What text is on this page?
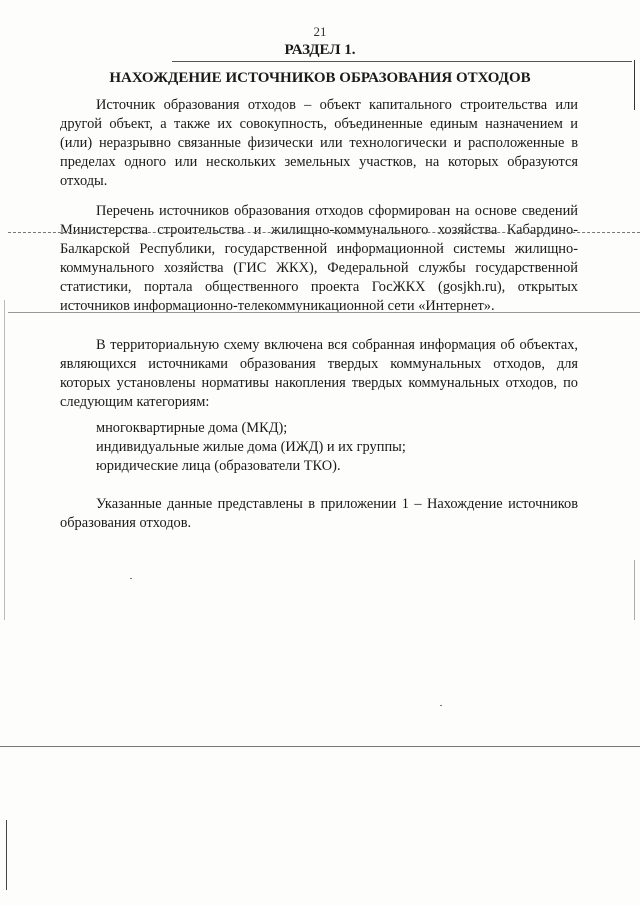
21
РАЗДЕЛ 1.
НАХОЖДЕНИЕ ИСТОЧНИКОВ ОБРАЗОВАНИЯ ОТХОДОВ

Источник образования отходов – объект капитального строительства или другой объект, а также их совокупность, объединенные единым назначением и (или) неразрывно связанные физически или технологически и расположенные в пределах одного или нескольких земельных участков, на которых образуются отходы.

Перечень источников образования отходов сформирован на основе сведений Министерства строительства и жилищно-коммунального хозяйства Кабардино-Балкарской Республики, государственной информационной системы жилищно-коммунального хозяйства (ГИС ЖКХ), Федеральной службы государственной статистики, портала общественного проекта ГосЖКХ (gosjkh.ru), открытых источников информационно-телекоммуникационной сети «Интернет».

В территориальную схему включена вся собранная информация об объектах, являющихся источниками образования твердых коммунальных отходов, для которых установлены нормативы накопления твердых коммунальных отходов, по следующим категориям:

многоквартирные дома (МКД);
индивидуальные жилые дома (ИЖД) и их группы;
юридические лица (образователи ТКО).

Указанные данные представлены в приложении 1 – Нахождение источников образования отходов.
